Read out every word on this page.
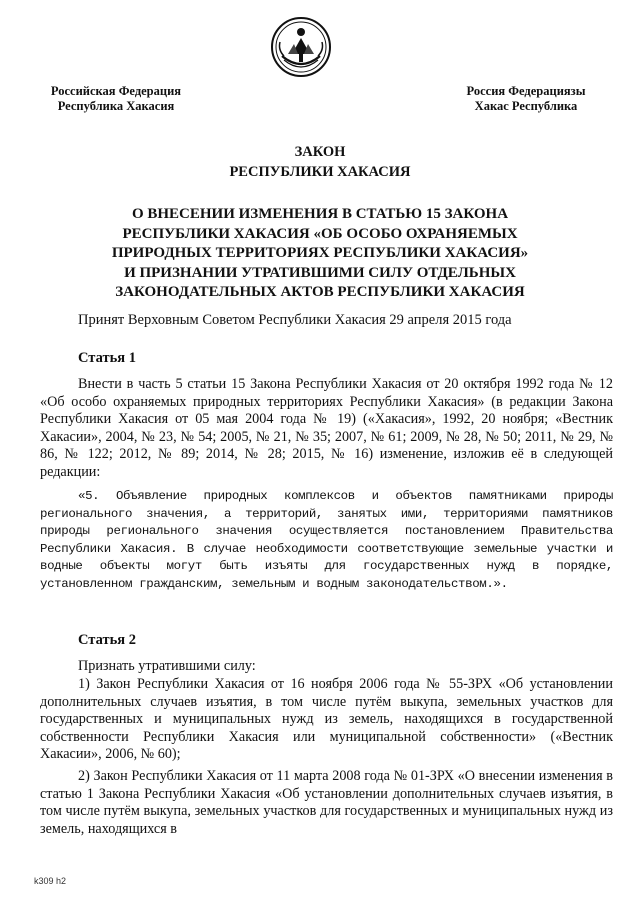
Российская Федерация
Республика Хакасия
Россия Федерациязы
Хакас Республика
ЗАКОН
РЕСПУБЛИКИ ХАКАСИЯ
О ВНЕСЕНИИ ИЗМЕНЕНИЯ В СТАТЬЮ 15 ЗАКОНА
РЕСПУБЛИКИ ХАКАСИЯ «ОБ ОСОБО ОХРАНЯЕМЫХ
ПРИРОДНЫХ ТЕРРИТОРИЯХ РЕСПУБЛИКИ ХАКАСИЯ»
И ПРИЗНАНИИ УТРАТИВШИМИ СИЛУ ОТДЕЛЬНЫХ
ЗАКОНОДАТЕЛЬНЫХ АКТОВ РЕСПУБЛИКИ ХАКАСИЯ
Принят Верховным Советом Республики Хакасия 29 апреля 2015 года
Статья 1

Внести в часть 5 статьи 15 Закона Республики Хакасия от 20 октября 1992 года № 12 «Об особо охраняемых природных территориях Республики Хакасия» (в редакции Закона Республики Хакасия от 05 мая 2004 года № 19) («Хакасия», 1992, 20 ноября; «Вестник Хакасии», 2004, № 23, № 54; 2005, № 21, № 35; 2007, № 61; 2009, № 28, № 50; 2011, № 29, № 86, № 122; 2012, № 89; 2014, № 28; 2015, № 16) изменение, изложив её в следующей редакции:

«5. Объявление природных комплексов и объектов памятниками природы регионального значения, а территорий, занятых ими, территориями памятников природы регионального значения осуществляется постановлением Правительства Республики Хакасия. В случае необходимости соответствующие земельные участки и водные объекты могут быть изъяты для государственных нужд в порядке, установленном гражданским, земельным и водным законодательством.».

Статья 2

Признать утратившими силу:

1) Закон Республики Хакасия от 16 ноября 2006 года № 55-ЗРХ «Об установлении дополнительных случаев изъятия, в том числе путём выкупа, земельных участков для государственных и муниципальных нужд из земель, находящихся в государственной собственности Республики Хакасия или муниципальной собственности» («Вестник Хакасии», 2006, № 60);

2) Закон Республики Хакасия от 11 марта 2008 года № 01-ЗРХ «О внесении изменения в статью 1 Закона Республики Хакасия «Об установлении дополнительных случаев изъятия, в том числе путём выкупа, земельных участков для государственных и муниципальных нужд из земель, находящихся в

k309 h2
